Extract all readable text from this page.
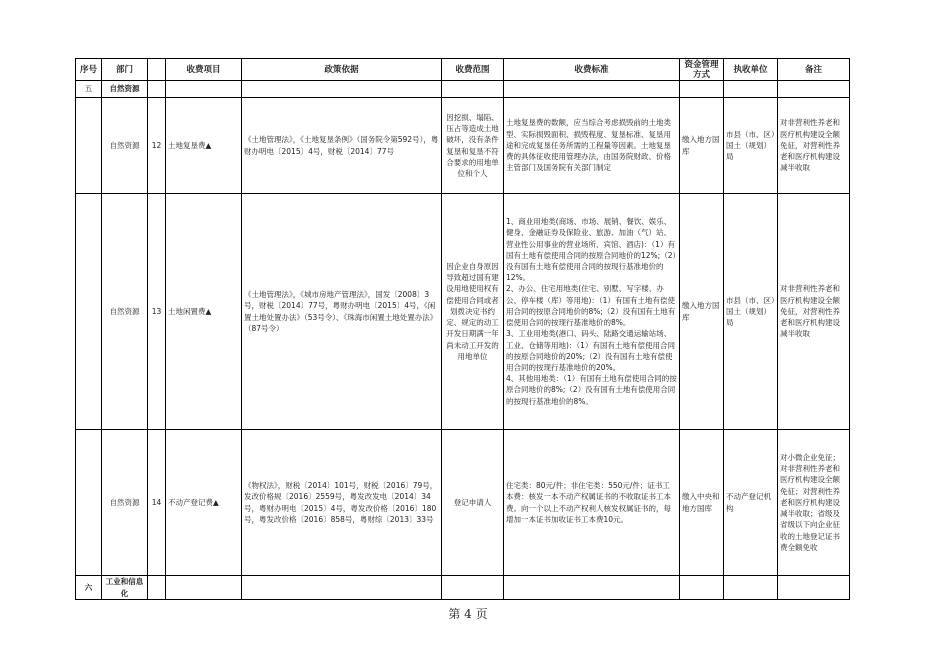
序号	部门		收费项目	政策依据	收费范围	收费标准	资金管理方式	执收单位	备注
五	自然资源								
	自然资源	12	土地复垦费▲	《土地管理法》，《土地复垦条例》（国务院令第592号），粤财办明电〔2015〕4号，财税〔2014〕77号	因挖损、塌陷、压占等造成土地破坏，没有条件复垦和复垦不符合要求的用地单位和个人	土地复垦费的数额，应当综合考虑损毁前的土地类型、实际损毁面积、损毁程度、复垦标准、复垦用途和完成复垦任务所需的工程量等因素。土地复垦费的具体征收使用管理办法，由国务院财政、价格主管部门及国务院有关部门制定	缴入地方国库	市县（市、区）国土（规划）局	对非营利性养老和医疗机构建设全额免征，对营利性养老和医疗机构建设减半收取
	自然资源	13	土地闲置费▲	《土地管理法》，《城市房地产管理法》，国发〔2008〕3号，财税〔2014〕77号，粤财办明电〔2015〕4号，《闲置土地处置办法》（53号令）、《珠海市闲置土地处置办法》（87号令）	因企业自身原因导致超过国有建设用地使用权有偿使用合同或者划拨决定书约定、规定的动工开发日期满一年尚未动工开发的用地单位	1、商业用地类(商场、市场、展销、餐饮、娱乐、健身、金融证券及保险业、旅游、加油（气）站、营业性公用事业的营业场所、宾馆、酒店)：（1）有国有土地有偿使用合同的按原合同地价的12%;（2）没有国有土地有偿使用合同的按现行基准地价的12%。
2、办公、住宅用地类(住宅、别墅、写字楼、办公、停车楼（库）等用地)：（1）有国有土地有偿使用合同的按原合同地价的8%;（2）没有国有土地有偿使用合同的按现行基准地价的8%。
3、工业用地类(港口、码头、陆路交通运输站场、工业、仓储等用地)：（1）有国有土地有偿使用合同的按原合同地价的20%;（2）没有国有土地有偿使用合同的按现行基准地价的20%。
4、其他用地类：（1）有国有土地有偿使用合同的按原合同地价的8%;（2）没有国有土地有偿使用合同的按现行基准地价的8%。	缴入地方国库	市县（市、区）国土（规划）局	对非营利性养老和医疗机构建设全额免征，对营利性养老和医疗机构建设减半收取
	自然资源	14	不动产登记费▲	《物权法》，财税〔2014〕101号，财税〔2016〕79号，发改价格规〔2016〕2559号，粤发改发电〔2014〕34号，粤财办明电〔2015〕4号，粤发改价格〔2016〕180号，粤发改价格〔2016〕858号，粤财综〔2013〕33号	登记申请人	住宅类：80元/件；非住宅类：550元/件；证书工本费：核发一本不动产权属证书的不收取证书工本费。向一个以上不动产权利人核发权属证书的，每增加一本证书加收证书工本费10元。	缴入中央和地方国库	不动产登记机构	对小微企业免征；对非营利性养老和医疗机构建设全额免征；对营利性养老和医疗机构建设减半收取；省级及省级以下向企业征收的土地登记证书费全额免收
六	工业和信息化								
第 4 页
